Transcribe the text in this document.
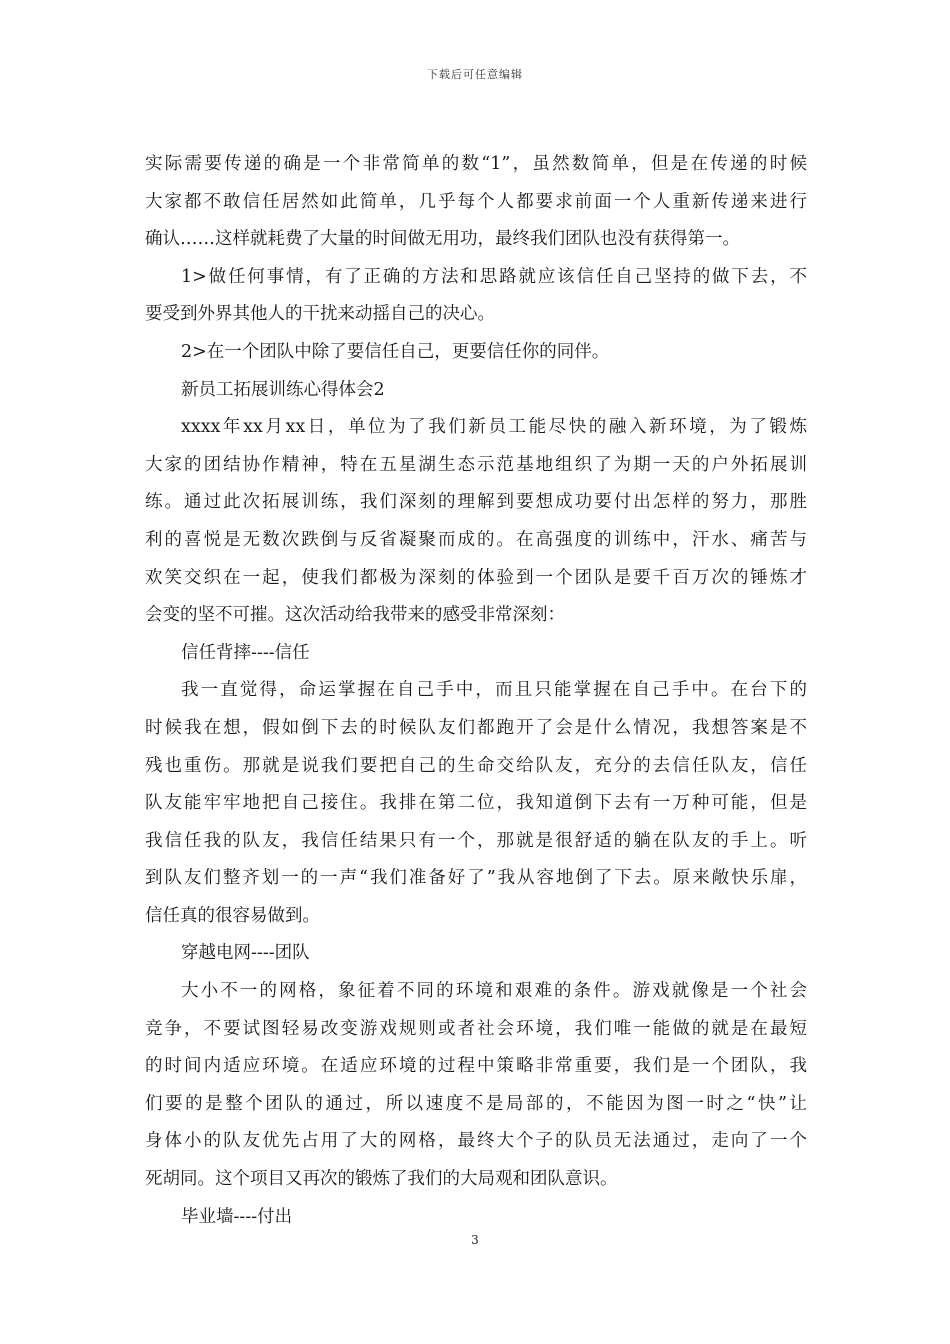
下载后可任意编辑
实际需要传递的确是一个非常简单的数“1”，虽然数简单，但是在传递的时候
大家都不敢信任居然如此简单，几乎每个人都要求前面一个人重新传递来进行
确认……这样就耗费了大量的时间做无用功，最终我们团队也没有获得第一。
1>做任何事情，有了正确的方法和思路就应该信任自己坚持的做下去，不
要受到外界其他人的干扰来动摇自己的决心。
2>在一个团队中除了要信任自己，更要信任你的同伴。
新员工拓展训练心得体会2
xxxx年xx月xx日，单位为了我们新员工能尽快的融入新环境，为了锻炼
大家的团结协作精神，特在五星湖生态示范基地组织了为期一天的户外拓展训
练。通过此次拓展训练，我们深刻的理解到要想成功要付出怎样的努力，那胜
利的喜悦是无数次跌倒与反省凝聚而成的。在高强度的训练中，汗水、痛苦与
欢笑交织在一起，使我们都极为深刻的体验到一个团队是要千百万次的锤炼才
会变的坚不可摧。这次活动给我带来的感受非常深刻：
信任背摔----信任
我一直觉得，命运掌握在自己手中，而且只能掌握在自己手中。在台下的
时候我在想，假如倒下去的时候队友们都跑开了会是什么情况，我想答案是不
残也重伤。那就是说我们要把自己的生命交给队友，充分的去信任队友，信任
队友能牢牢地把自己接住。我排在第二位，我知道倒下去有一万种可能，但是
我信任我的队友，我信任结果只有一个，那就是很舒适的躺在队友的手上。听
到队友们整齐划一的一声“我们准备好了”我从容地倒了下去。原来敞快乐扉，
信任真的很容易做到。
穿越电网----团队
大小不一的网格，象征着不同的环境和艰难的条件。游戏就像是一个社会
竞争，不要试图轻易改变游戏规则或者社会环境，我们唯一能做的就是在最短
的时间内适应环境。在适应环境的过程中策略非常重要，我们是一个团队，我
们要的是整个团队的通过，所以速度不是局部的，不能因为图一时之“快”让
身体小的队友优先占用了大的网格，最终大个子的队员无法通过，走向了一个
死胡同。这个项目又再次的锻炼了我们的大局观和团队意识。
毕业墙----付出
3
